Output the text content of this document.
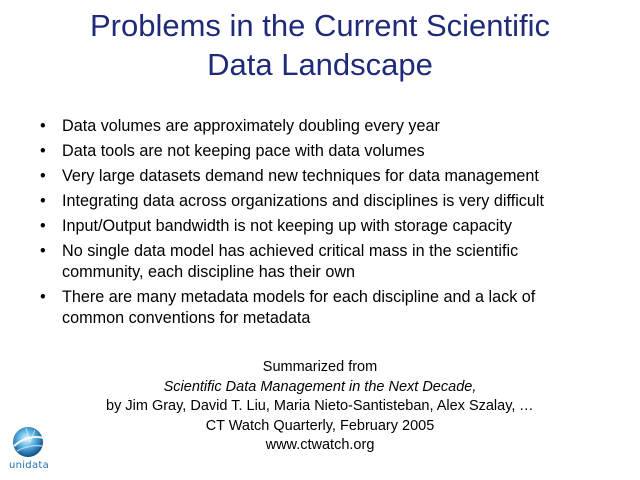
Problems in the Current Scientific
Data Landscape
•	Data volumes are approximately doubling every year
•	Data tools are not keeping pace with data volumes
•	Very large datasets demand new techniques for data management
•	Integrating data across organizations and disciplines is very difficult
•	Input/Output bandwidth is not keeping up with storage capacity
•	No single data model has achieved critical mass in the scientific
community, each discipline has their own
•	There are many metadata models for each discipline and a lack of
common conventions for metadata
Summarized from
Scientific Data Management in the Next Decade,
by Jim Gray, David T. Liu, Maria Nieto-Santisteban, Alex Szalay, …
CT Watch Quarterly, February 2005
www.ctwatch.org
unidata
